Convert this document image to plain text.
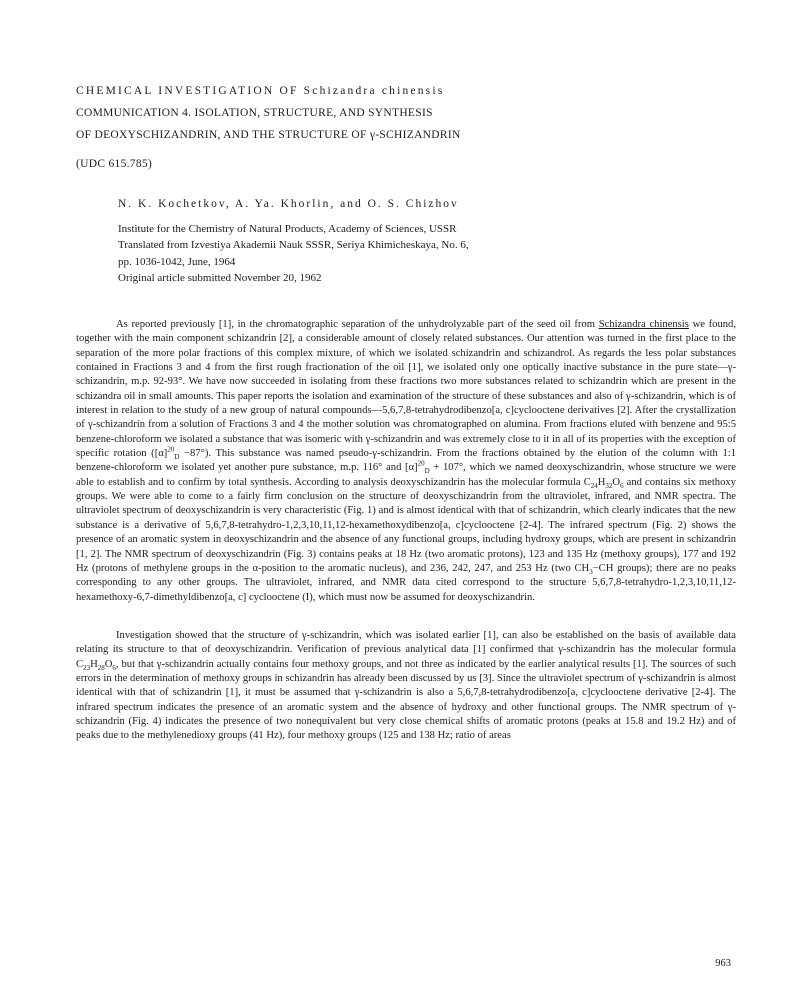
CHEMICAL INVESTIGATION OF Schizandra chinensis
COMMUNICATION 4. ISOLATION, STRUCTURE, AND SYNTHESIS
OF DEOXYSCHIZANDRIN, AND THE STRUCTURE OF γ-SCHIZANDRIN
(UDC 615.785)
N. K. Kochetkov, A. Ya. Khorlin, and O. S. Chizhov
Institute for the Chemistry of Natural Products, Academy of Sciences, USSR
Translated from Izvestiya Akademii Nauk SSSR, Seriya Khimicheskaya, No. 6,
pp. 1036-1042, June, 1964
Original article submitted November 20, 1962

As reported previously [1], in the chromatographic separation of the unhydrolyzable part of the seed oil from Schizandra chinensis we found, together with the main component schizandrin [2], a considerable amount of closely related substances. Our attention was turned in the first place to the separation of the more polar fractions of this complex mixture, of which we isolated schizandrin and schizandrol. As regards the less polar substances contained in Fractions 3 and 4 from the first rough fractionation of the oil [1], we isolated only one optically inactive substance in the pure state—γ-schizandrin, m.p. 92-93°. We have now succeeded in isolating from these fractions two more substances related to schizandrin which are present in the schizandra oil in small amounts. This paper reports the isolation and examination of the structure of these substances and also of γ-schizandrin, which is of interest in relation to the study of a new group of natural compounds—5,6,7,8-tetrahydrodibenzo[a, c]cyclooctene derivatives [2]. After the crystallization of γ-schizandrin from a solution of Fractions 3 and 4 the mother solution was chromatographed on alumina. From fractions eluted with benzene and 95:5 benzene-chloroform we isolated a substance that was isomeric with γ-schizandrin and was extremely close to it in all of its properties with the exception of specific rotation $([\alpha]^{20}_D -87^\circ)$. This substance was named pseudo-γ-schizandrin. From the fractions obtained by the elution of the column with 1:1 benzene-chloroform we isolated yet another pure substance, m.p. 116° and $[\alpha]^{20}_D + 107^\circ$, which we named deoxyschizandrin, whose structure we were able to establish and to confirm by total synthesis. According to analysis deoxyschizandrin has the molecular formula $C_{24}H_{32}O_6$ and contains six methoxy groups. We were able to come to a fairly firm conclusion on the structure of deoxyschizandrin from the ultraviolet, infrared, and NMR spectra. The ultraviolet spectrum of deoxyschizandrin is very characteristic (Fig. 1) and is almost identical with that of schizandrin, which clearly indicates that the new substance is a derivative of 5,6,7,8-tetrahydro-1,2,3,10,11,12-hexamethoxydibenzo[a, c]cyclooctene [2-4]. The infrared spectrum (Fig. 2) shows the presence of an aromatic system in deoxyschizandrin and the absence of any functional groups, including hydroxy groups, which are present in schizandrin [1, 2]. The NMR spectrum of deoxyschizandrin (Fig. 3) contains peaks at 18 Hz (two aromatic protons), 123 and 135 Hz (methoxy groups), 177 and 192 Hz (protons of methylene groups in the α-position to the aromatic nucleus), and 236, 242, 247, and 253 Hz (two $CH_3-CH$ groups); there are no peaks corresponding to any other groups. The ultraviolet, infrared, and NMR data cited correspond to the structure 5,6,7,8-tetrahydro-1,2,3,10,11,12-hexamethoxy-6,7-dimethyldibenzo[a, c] cyclooctene (I), which must now be assumed for deoxyschizandrin.

Investigation showed that the structure of γ-schizandrin, which was isolated earlier [1], can also be established on the basis of available data relating its structure to that of deoxyschizandrin. Verification of previous analytical data [1] confirmed that γ-schizandrin has the molecular formula $C_{23}H_{28}O_6$, but that γ-schizandrin actually contains four methoxy groups, and not three as indicated by the earlier analytical results [1]. The sources of such errors in the determination of methoxy groups in schizandrin has already been discussed by us [3]. Since the ultraviolet spectrum of γ-schizandrin is almost identical with that of schizandrin [1], it must be assumed that γ-schizandrin is also a 5,6,7,8-tetrahydrodibenzo[a, c]cyclooctene derivative [2-4]. The infrared spectrum indicates the presence of an aromatic system and the absence of hydroxy and other functional groups. The NMR spectrum of γ-schizandrin (Fig. 4) indicates the presence of two nonequivalent but very close chemical shifts of aromatic protons (peaks at 15.8 and 19.2 Hz) and of peaks due to the methylenedioxy groups (41 Hz), four methoxy groups (125 and 138 Hz; ratio of areas

963
